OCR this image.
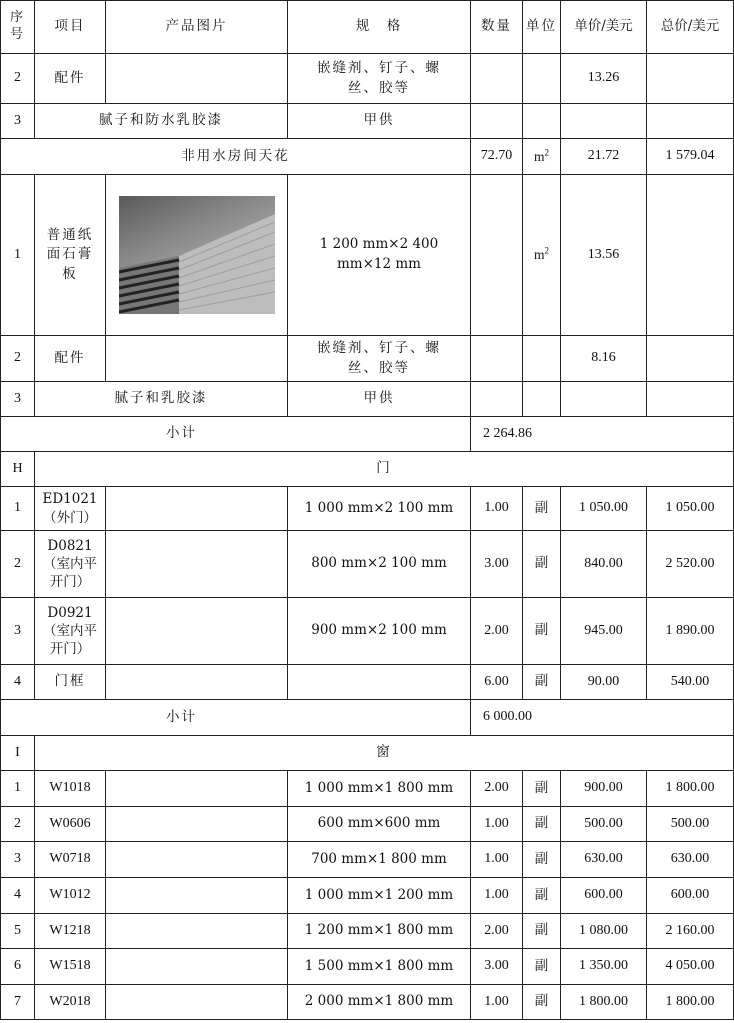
序号	项目	产品图片	规　格	数量	单位	单价/美元	总价/美元
2	配件		嵌缝剂、钉子、螺丝、胶等			13.26	
3	腻子和防水乳胶漆		甲供				
非用水房间天花				72.70	$m^2$	21.72	1 579.04
1	普通纸面石膏板		1 200 mm×2 400 mm×12 mm		$m^2$	13.56	
2	配件		嵌缝剂、钉子、螺丝、胶等			8.16	
3	腻子和乳胶漆		甲供				
小计				2 264.86			
H	门						
1	ED1021（外门）		1 000 mm×2 100 mm	1.00	副	1 050.00	1 050.00
2	D0821（室内平开门）		800 mm×2 100 mm	3.00	副	840.00	2 520.00
3	D0921（室内平开门）		900 mm×2 100 mm	2.00	副	945.00	1 890.00
4	门框			6.00	副	90.00	540.00
小计				6 000.00			
I	窗						
1	W1018		1 000 mm×1 800 mm	2.00	副	900.00	1 800.00
2	W0606		600 mm×600 mm	1.00	副	500.00	500.00
3	W0718		700 mm×1 800 mm	1.00	副	630.00	630.00
4	W1012		1 000 mm×1 200 mm	1.00	副	600.00	600.00
5	W1218		1 200 mm×1 800 mm	2.00	副	1 080.00	2 160.00
6	W1518		1 500 mm×1 800 mm	3.00	副	1 350.00	4 050.00
7	W2018		2 000 mm×1 800 mm	1.00	副	1 800.00	1 800.00
